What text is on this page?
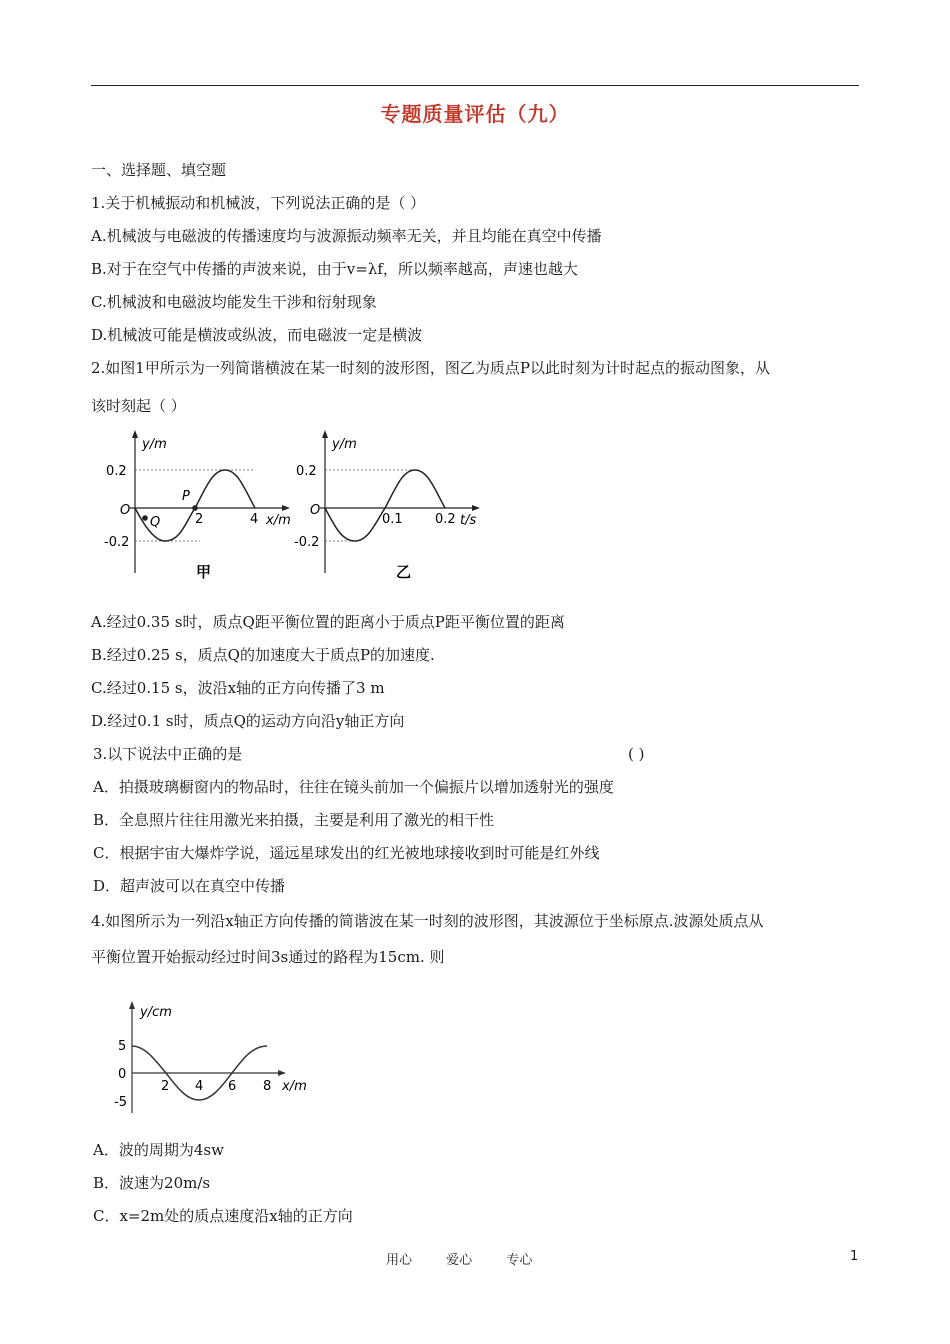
专题质量评估（九）
一、选择题、填空题
1.关于机械振动和机械波，下列说法正确的是（ ）
A.机械波与电磁波的传播速度均与波源振动频率无关，并且均能在真空中传播
B.对于在空气中传播的声波来说，由于v=λf，所以频率越高，声速也越大
C.机械波和电磁波均能发生干涉和衍射现象
D.机械波可能是横波或纵波，而电磁波一定是横波
2.如图1甲所示为一列简谐横波在某一时刻的波形图，图乙为质点P以此时刻为计时起点的振动图象，从
该时刻起（ ）
y/m
0.2
-0.2
O
P
Q	2	4 x/m
甲
y/m
0.2
-0.2
O
0.1 0.2 t/s
乙
A.经过0.35 s时，质点Q距平衡位置的距离小于质点P距平衡位置的距离
B.经过0.25 s，质点Q的加速度大于质点P的加速度.
C.经过0.15 s，波沿x轴的正方向传播了3 m
D.经过0.1 s时，质点Q的运动方向沿y轴正方向
3.以下说法中正确的是	( )
A．拍摄玻璃橱窗内的物品时，往往在镜头前加一个偏振片以增加透射光的强度
B．全息照片往往用激光来拍摄，主要是利用了激光的相干性
C．根据宇宙大爆炸学说，遥远星球发出的红光被地球接收到时可能是红外线
D．超声波可以在真空中传播
4.如图所示为一列沿x轴正方向传播的简谐波在某一时刻的波形图，其波源位于坐标原点.波源处质点从
平衡位置开始振动经过时间3s通过的路程为15cm. 则
y/cm
5
0
-5
2 4 6 8 x/m
A．波的周期为4sw
B．波速为20m/s
C．x=2m处的质点速度沿x轴的正方向
用心	爱心	专心	1
